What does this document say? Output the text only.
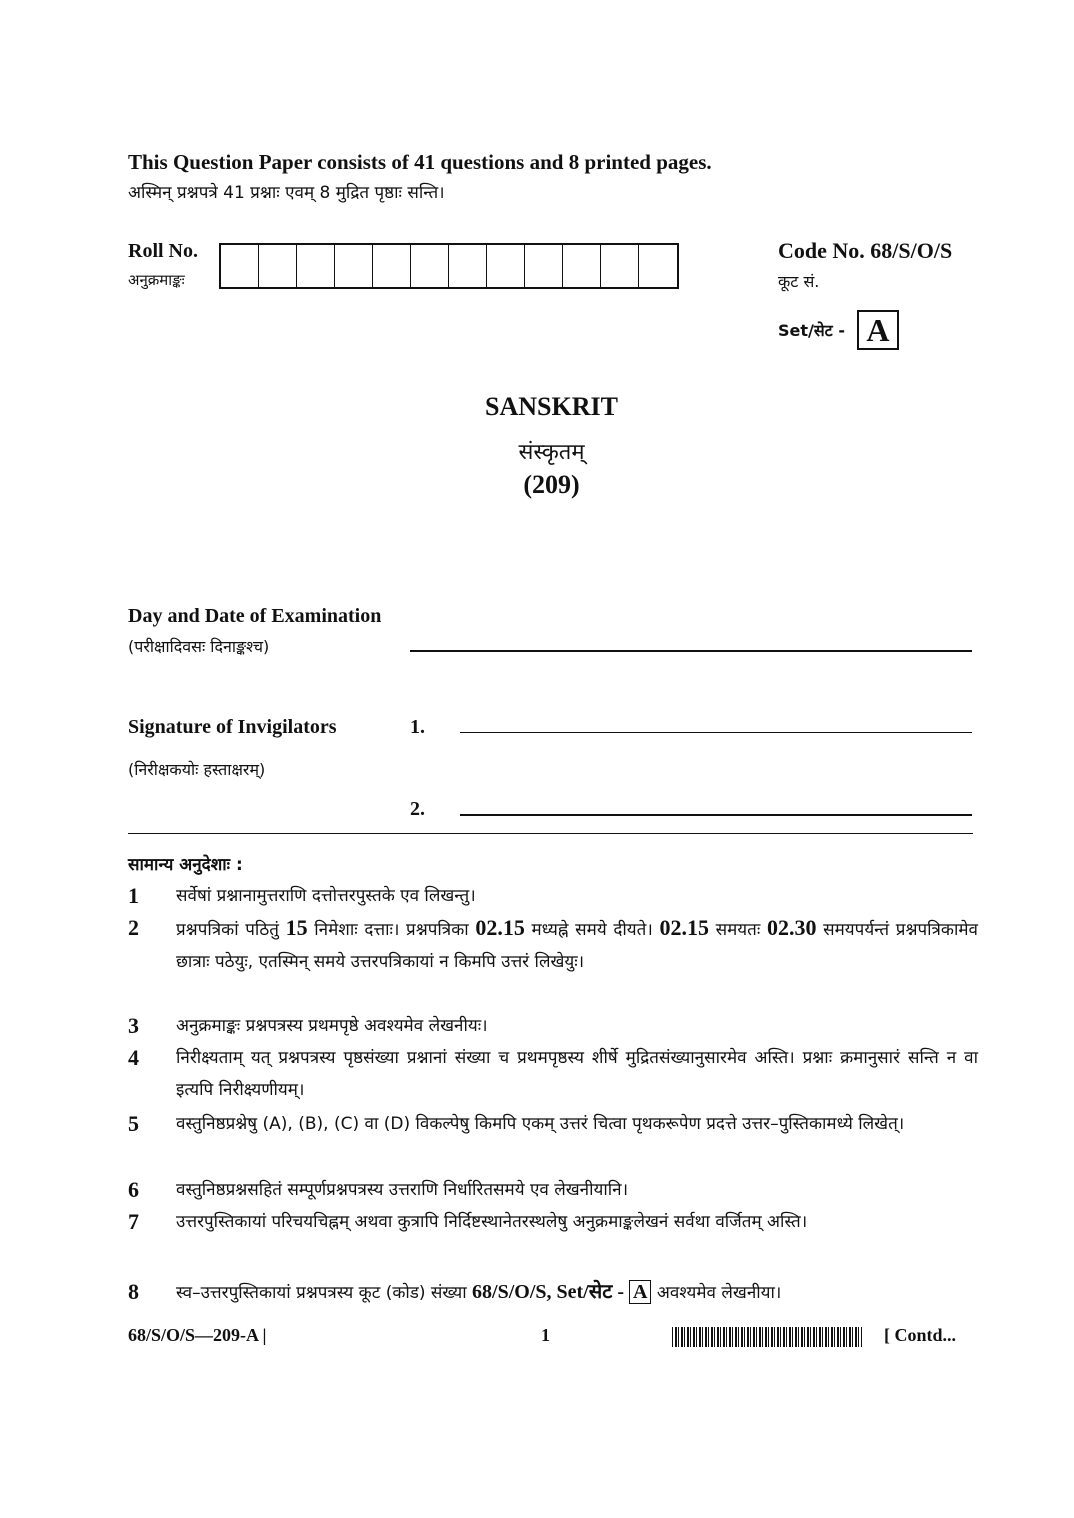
This Question Paper consists of 41 questions and 8 printed pages.
अस्मिन् प्रश्नपत्रे 41 प्रश्नाः एवम् 8 मुद्रित पृष्ठाः सन्ति।
Roll No.
अनुक्रमाङ्कः
Code No. 68/S/O/S
कूट सं.
Set/सेट - A
SANSKRIT
संस्कृतम्
(209)
Day and Date of Examination
(परीक्षादिवसः दिनाङ्कश्च)
Signature of Invigilators	1.
(निरीक्षकयोः हस्ताक्षरम्)
2.
सामान्य अनुदेशाः :
1 सर्वेषां प्रश्नानामुत्तराणि दत्तोत्तरपुस्तके एव लिखन्तु।
2 प्रश्नपत्रिकां पठितुं 15 निमेशाः दत्ताः। प्रश्नपत्रिका 02.15 मध्यह्ने समये दीयते। 02.15 समयतः 02.30 समयपर्यन्तं प्रश्नपत्रिकामेव छात्राः पठेयुः, एतस्मिन् समये उत्तरपत्रिकायां न किमपि उत्तरं लिखेयुः।
3 अनुक्रमाङ्कः प्रश्नपत्रस्य प्रथमपृष्ठे अवश्यमेव लेखनीयः।
4 निरीक्ष्यताम् यत् प्रश्नपत्रस्य पृष्ठसंख्या प्रश्नानां संख्या च प्रथमपृष्ठस्य शीर्षे मुद्रितसंख्यानुसारमेव अस्ति। प्रश्नाः क्रमानुसारं सन्ति न वा इत्यपि निरीक्ष्यणीयम्।
5 वस्तुनिष्ठप्रश्नेषु (A), (B), (C) वा (D) विकल्पेषु किमपि एकम् उत्तरं चित्वा पृथकरूपेण प्रदत्ते उत्तर–पुस्तिकामध्ये लिखेत्।
6 वस्तुनिष्ठप्रश्नसहितं सम्पूर्णप्रश्नपत्रस्य उत्तराणि निर्धारितसमये एव लेखनीयानि।
7 उत्तरपुस्तिकायां परिचयचिह्नम् अथवा कुत्रापि निर्दिष्टस्थानेतरस्थलेषु अनुक्रमाङ्कलेखनं सर्वथा वर्जितम् अस्ति।
8 स्व–उत्तरपुस्तिकायां प्रश्नपत्रस्य कूट (कोड) संख्या 68/S/O/S, Set/सेट - A अवश्यमेव लेखनीया।
68/S/O/S—209-A |	1	[ Contd...
